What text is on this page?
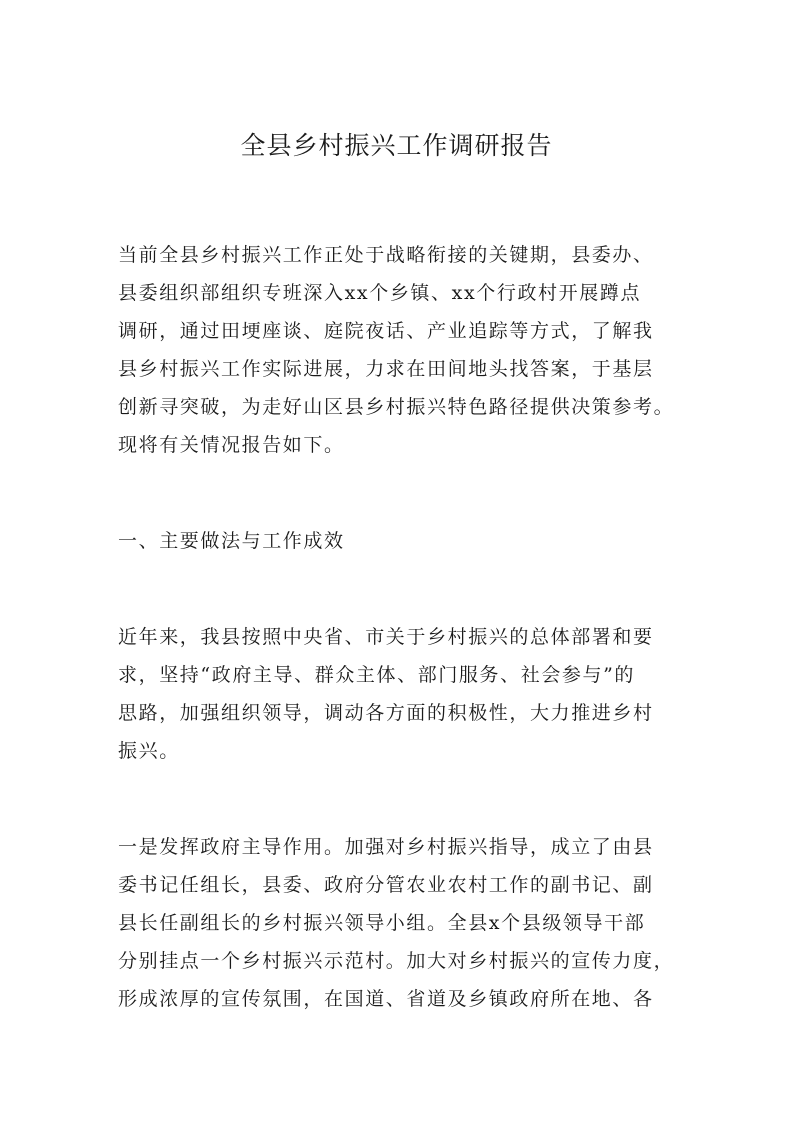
全县乡村振兴工作调研报告

当前全县乡村振兴工作正处于战略衔接的关键期，县委办、
县委组织部组织专班深入xx个乡镇、xx个行政村开展蹲点
调研，通过田埂座谈、庭院夜话、产业追踪等方式，了解我
县乡村振兴工作实际进展，力求在田间地头找答案，于基层
创新寻突破，为走好山区县乡村振兴特色路径提供决策参考。
现将有关情况报告如下。

一、主要做法与工作成效

近年来，我县按照中央省、市关于乡村振兴的总体部署和要
求，坚持“政府主导、群众主体、部门服务、社会参与”的
思路，加强组织领导，调动各方面的积极性，大力推进乡村
振兴。

一是发挥政府主导作用。加强对乡村振兴指导，成立了由县
委书记任组长，县委、政府分管农业农村工作的副书记、副
县长任副组长的乡村振兴领导小组。全县x个县级领导干部
分别挂点一个乡村振兴示范村。加大对乡村振兴的宣传力度，
形成浓厚的宣传氛围，在国道、省道及乡镇政府所在地、各
